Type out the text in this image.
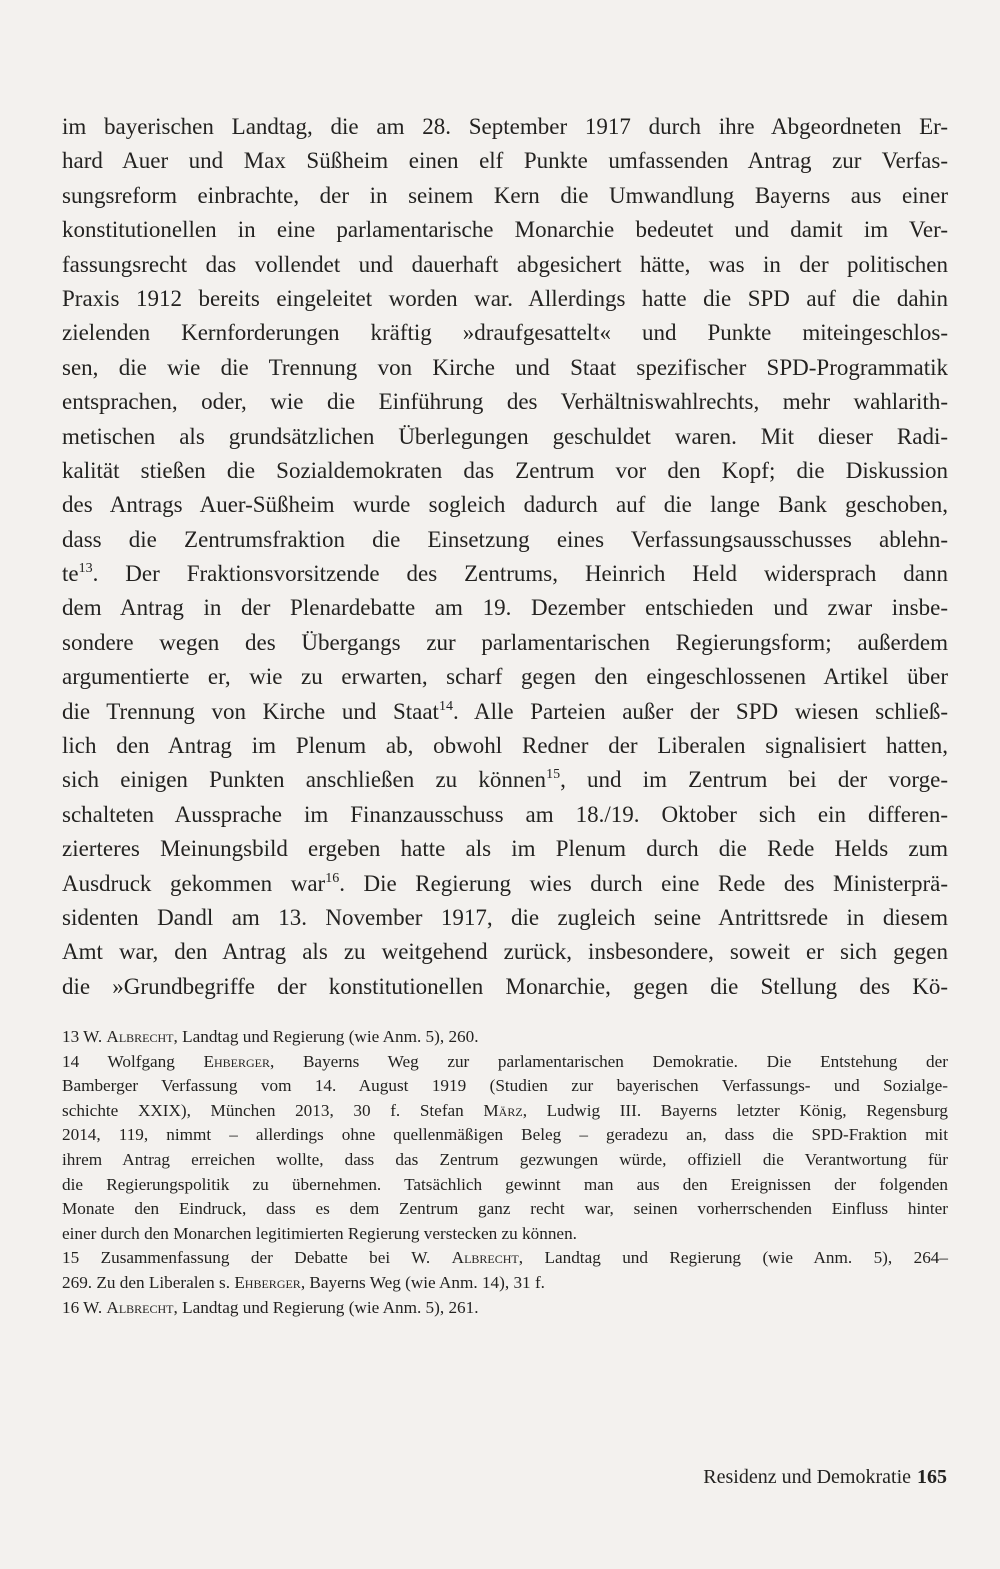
im bayerischen Landtag, die am 28. September 1917 durch ihre Abgeordneten Er-
hard Auer und Max Süßheim einen elf Punkte umfassenden Antrag zur Verfas-
sungsreform einbrachte, der in seinem Kern die Umwandlung Bayerns aus einer
konstitutionellen in eine parlamentarische Monarchie bedeutet und damit im Ver-
fassungsrecht das vollendet und dauerhaft abgesichert hätte, was in der politischen
Praxis 1912 bereits eingeleitet worden war. Allerdings hatte die SPD auf die dahin
zielenden Kernforderungen kräftig »draufgesattelt« und Punkte miteingeschlos-
sen, die wie die Trennung von Kirche und Staat spezifischer SPD-Programmatik
entsprachen, oder, wie die Einführung des Verhältniswahlrechts, mehr wahlarith-
metischen als grundsätzlichen Überlegungen geschuldet waren. Mit dieser Radi-
kalität stießen die Sozialdemokraten das Zentrum vor den Kopf; die Diskussion
des Antrags Auer-Süßheim wurde sogleich dadurch auf die lange Bank geschoben,
dass die Zentrumsfraktion die Einsetzung eines Verfassungsausschusses ablehn-
$te^{13}$. Der Fraktionsvorsitzende des Zentrums, Heinrich Held widersprach dann
dem Antrag in der Plenardebatte am 19. Dezember entschieden und zwar insbe-
sondere wegen des Übergangs zur parlamentarischen Regierungsform; außerdem
argumentierte er, wie zu erwarten, scharf gegen den eingeschlossenen Artikel über
die Trennung von Kirche und Staat$^{14}$. Alle Parteien außer der SPD wiesen schließ-
lich den Antrag im Plenum ab, obwohl Redner der Liberalen signalisiert hatten,
sich einigen Punkten anschließen zu können$^{15}$, und im Zentrum bei der vorge-
schalteten Aussprache im Finanzausschuss am 18./19. Oktober sich ein differen-
zierteres Meinungsbild ergeben hatte als im Plenum durch die Rede Helds zum
Ausdruck gekommen war$^{16}$. Die Regierung wies durch eine Rede des Ministerprä-
sidenten Dandl am 13. November 1917, die zugleich seine Antrittsrede in diesem
Amt war, den Antrag als zu weitgehend zurück, insbesondere, soweit er sich gegen
die »Grundbegriffe der konstitutionellen Monarchie, gegen die Stellung des Kö-
13 W. Albrecht, Landtag und Regierung (wie Anm. 5), 260.
14 Wolfgang Ehberger, Bayerns Weg zur parlamentarischen Demokratie. Die Entstehung der
Bamberger Verfassung vom 14. August 1919 (Studien zur bayerischen Verfassungs- und Sozialge-
schichte XXIX), München 2013, 30 f. Stefan März, Ludwig III. Bayerns letzter König, Regensburg
2014, 119, nimmt – allerdings ohne quellenmäßigen Beleg – geradezu an, dass die SPD-Fraktion mit
ihrem Antrag erreichen wollte, dass das Zentrum gezwungen würde, offiziell die Verantwortung für
die Regierungspolitik zu übernehmen. Tatsächlich gewinnt man aus den Ereignissen der folgenden
Monate den Eindruck, dass es dem Zentrum ganz recht war, seinen vorherrschenden Einfluss hinter
einer durch den Monarchen legitimierten Regierung verstecken zu können.
15 Zusammenfassung der Debatte bei W. Albrecht, Landtag und Regierung (wie Anm. 5), 264–
269. Zu den Liberalen s. Ehberger, Bayerns Weg (wie Anm. 14), 31 f.
16 W. Albrecht, Landtag und Regierung (wie Anm. 5), 261.
Residenz und Demokratie 165
